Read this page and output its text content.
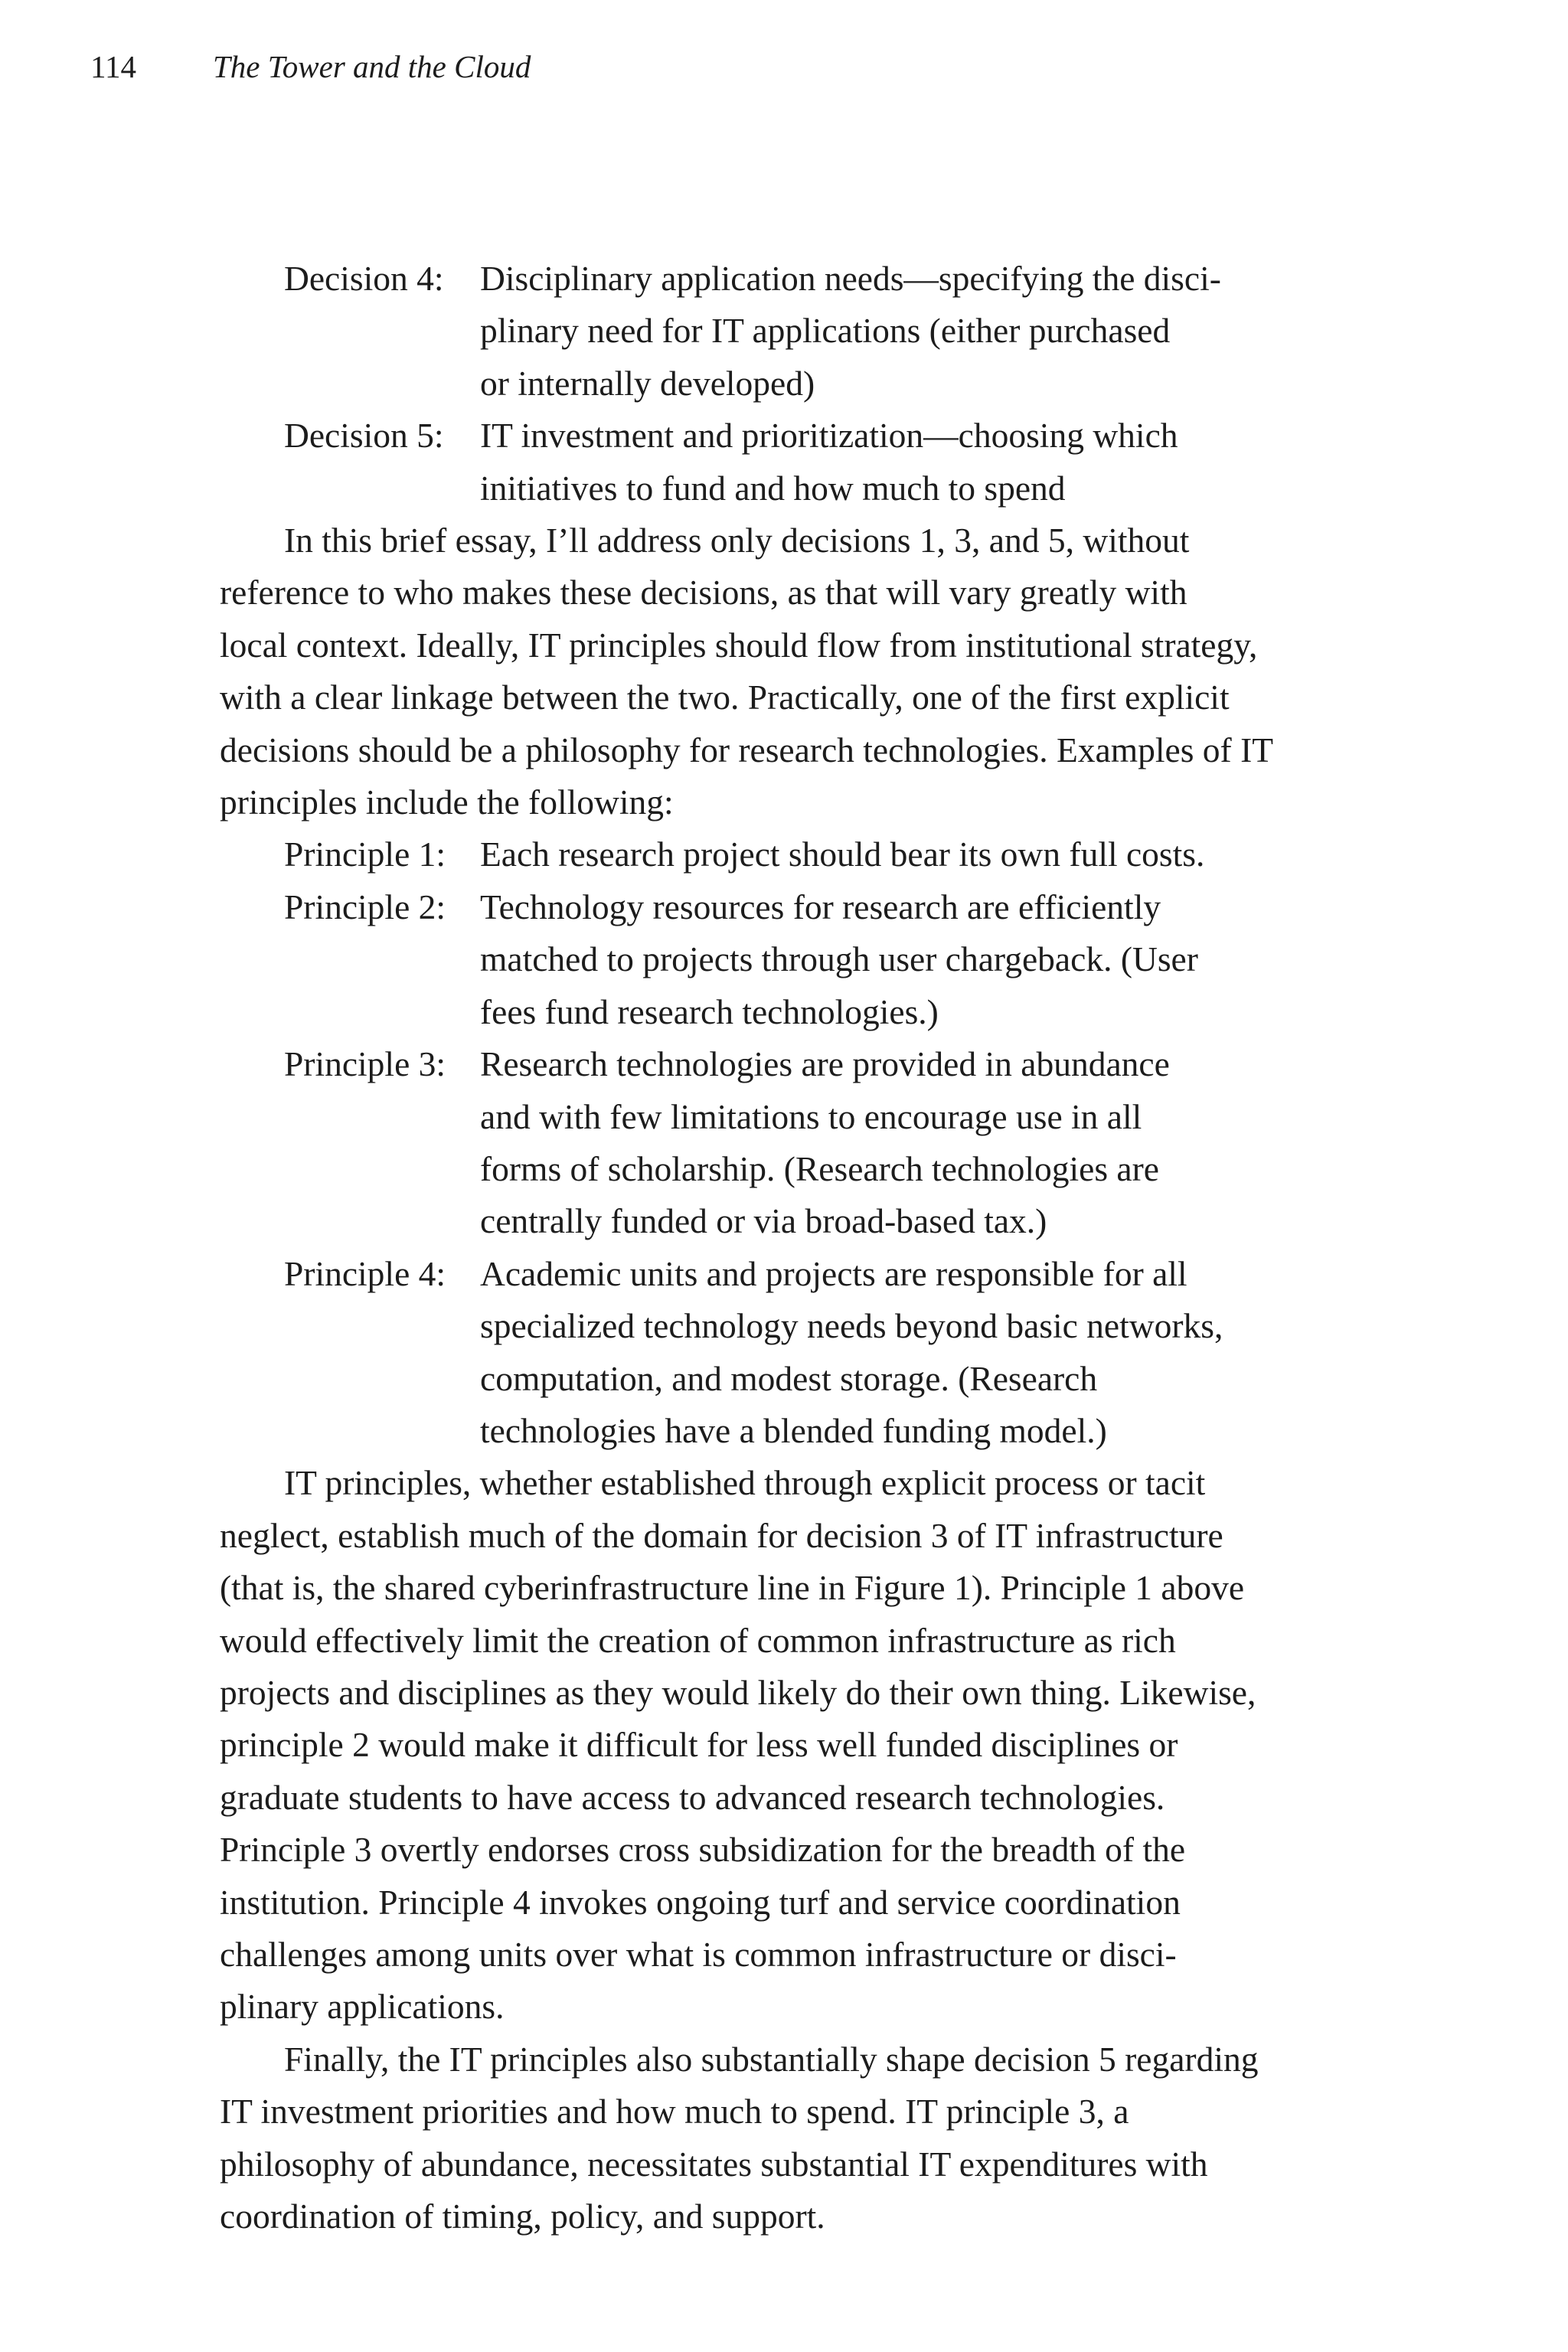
114 The Tower and the Cloud
Decision 4:	Disciplinary application needs—specifying the disci-
plinary need for IT applications (either purchased
or internally developed)
Decision 5:	IT investment and prioritization—choosing which
initiatives to fund and how much to spend
In this brief essay, I’ll address only decisions 1, 3, and 5, without
reference to who makes these decisions, as that will vary greatly with
local context. Ideally, IT principles should flow from institutional strategy,
with a clear linkage between the two. Practically, one of the first explicit
decisions should be a philosophy for research technologies. Examples of IT
principles include the following:
Principle 1: Each research project should bear its own full costs.
Principle 2: Technology resources for research are efficiently
matched to projects through user chargeback. (User
fees fund research technologies.)
Principle 3: Research technologies are provided in abundance
and with few limitations to encourage use in all
forms of scholarship. (Research technologies are
centrally funded or via broad-based tax.)
Principle 4: Academic units and projects are responsible for all
specialized technology needs beyond basic networks,
computation, and modest storage. (Research
technologies have a blended funding model.)
IT principles, whether established through explicit process or tacit
neglect, establish much of the domain for decision 3 of IT infrastructure
(that is, the shared cyberinfrastructure line in Figure 1). Principle 1 above
would effectively limit the creation of common infrastructure as rich
projects and disciplines as they would likely do their own thing. Likewise,
principle 2 would make it difficult for less well funded disciplines or
graduate students to have access to advanced research technologies.
Principle 3 overtly endorses cross subsidization for the breadth of the
institution. Principle 4 invokes ongoing turf and service coordination
challenges among units over what is common infrastructure or disci-
plinary applications.
Finally, the IT principles also substantially shape decision 5 regarding
IT investment priorities and how much to spend. IT principle 3, a
philosophy of abundance, necessitates substantial IT expenditures with
coordination of timing, policy, and support.
